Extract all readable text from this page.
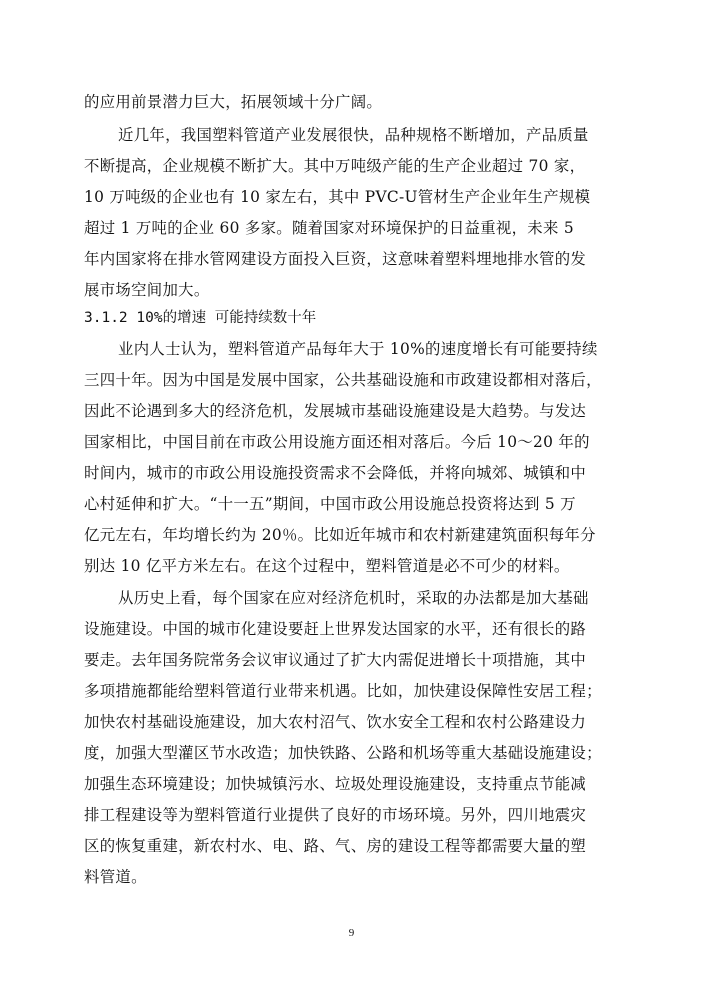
的应用前景潜力巨大，拓展领域十分广阔。
近几年，我国塑料管道产业发展很快，品种规格不断增加，产品质量
不断提高，企业规模不断扩大。其中万吨级产能的生产企业超过 70 家，
10 万吨级的企业也有 10 家左右，其中 PVC-U管材生产企业年生产规模
超过 1 万吨的企业 60 多家。随着国家对环境保护的日益重视，未来 5
年内国家将在排水管网建设方面投入巨资，这意味着塑料埋地排水管的发
展市场空间加大。
3.1.2 10%的增速 可能持续数十年
业内人士认为，塑料管道产品每年大于 10%的速度增长有可能要持续
三四十年。因为中国是发展中国家，公共基础设施和市政建设都相对落后，
因此不论遇到多大的经济危机，发展城市基础设施建设是大趋势。与发达
国家相比，中国目前在市政公用设施方面还相对落后。今后 10～20 年的
时间内，城市的市政公用设施投资需求不会降低，并将向城郊、城镇和中
心村延伸和扩大。“十一五”期间，中国市政公用设施总投资将达到 5 万
亿元左右，年均增长约为 20％。比如近年城市和农村新建建筑面积每年分
别达 10 亿平方米左右。在这个过程中，塑料管道是必不可少的材料。
从历史上看，每个国家在应对经济危机时，采取的办法都是加大基础
设施建设。中国的城市化建设要赶上世界发达国家的水平，还有很长的路
要走。去年国务院常务会议审议通过了扩大内需促进增长十项措施，其中
多项措施都能给塑料管道行业带来机遇。比如，加快建设保障性安居工程；
加快农村基础设施建设，加大农村沼气、饮水安全工程和农村公路建设力
度，加强大型灌区节水改造；加快铁路、公路和机场等重大基础设施建设；
加强生态环境建设；加快城镇污水、垃圾处理设施建设，支持重点节能减
排工程建设等为塑料管道行业提供了良好的市场环境。另外，四川地震灾
区的恢复重建，新农村水、电、路、气、房的建设工程等都需要大量的塑
料管道。
9
